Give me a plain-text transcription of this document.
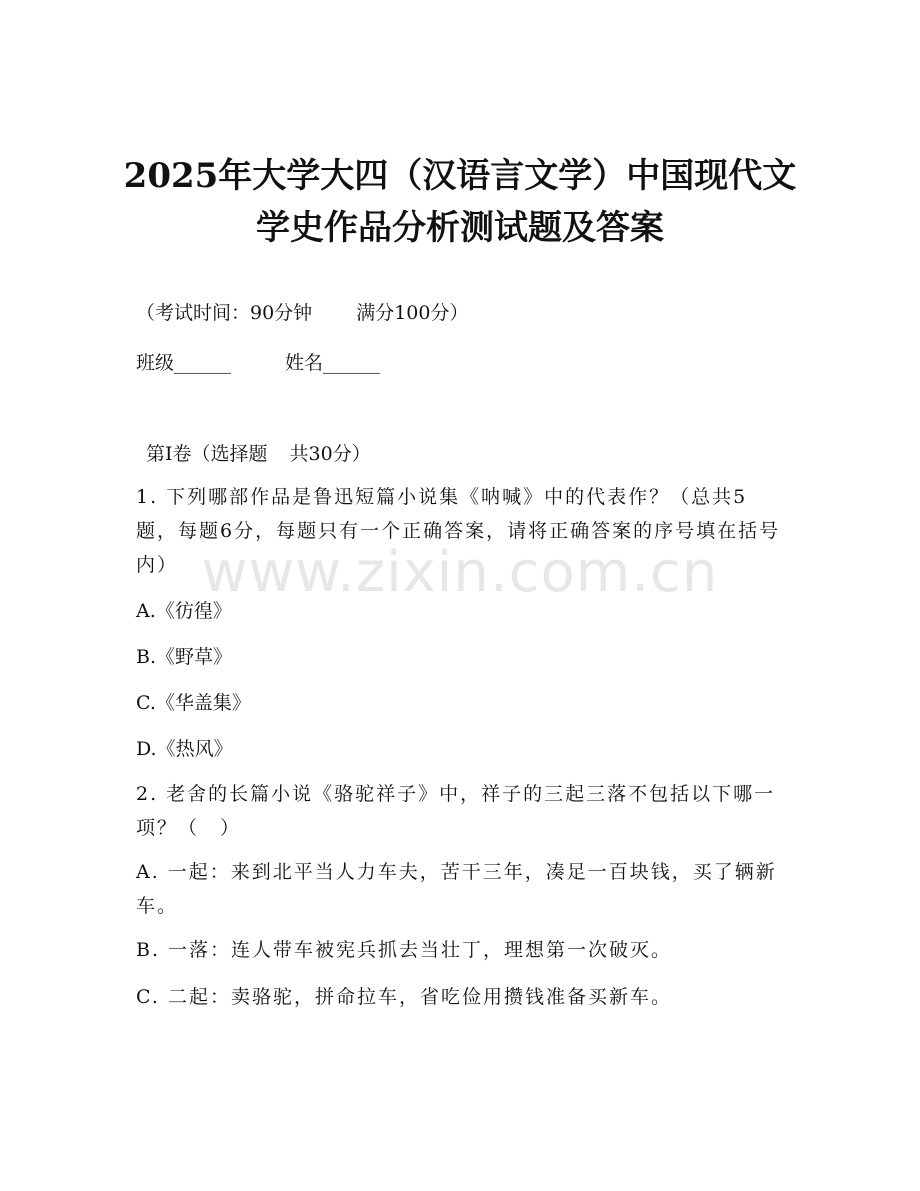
2025年大学大四（汉语言文学）中国现代文
学史作品分析测试题及答案
（考试时间：90分钟 满分100分）
班级______	姓名______
第Ⅰ卷（选择题 共30分）
1. 下列哪部作品是鲁迅短篇小说集《呐喊》中的代表作？（总共5题，每题6分，每题只有一个正确答案，请将正确答案的序号填在括号内）
A.《彷徨》
B.《野草》
C.《华盖集》
D.《热风》
2. 老舍的长篇小说《骆驼祥子》中，祥子的三起三落不包括以下哪一项？（　）
A. 一起：来到北平当人力车夫，苦干三年，凑足一百块钱，买了辆新车。
B. 一落：连人带车被宪兵抓去当壮丁，理想第一次破灭。
C. 二起：卖骆驼，拼命拉车，省吃俭用攒钱准备买新车。
www.zixin.com.cn
